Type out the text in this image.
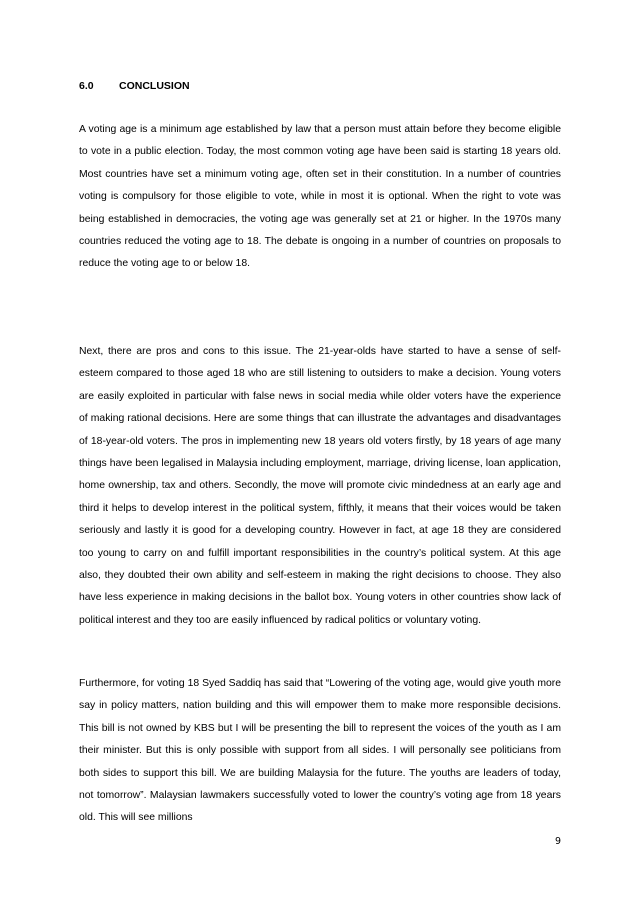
6.0 CONCLUSION

A voting age is a minimum age established by law that a person must attain before they become eligible to vote in a public election. Today, the most common voting age have been said is starting 18 years old. Most countries have set a minimum voting age, often set in their constitution. In a number of countries voting is compulsory for those eligible to vote, while in most it is optional. When the right to vote was being established in democracies, the voting age was generally set at 21 or higher. In the 1970s many countries reduced the voting age to 18. The debate is ongoing in a number of countries on proposals to reduce the voting age to or below 18.

Next, there are pros and cons to this issue. The 21-year-olds have started to have a sense of self-esteem compared to those aged 18 who are still listening to outsiders to make a decision. Young voters are easily exploited in particular with false news in social media while older voters have the experience of making rational decisions. Here are some things that can illustrate the advantages and disadvantages of 18-year-old voters. The pros in implementing new 18 years old voters firstly, by 18 years of age many things have been legalised in Malaysia including employment, marriage, driving license, loan application, home ownership, tax and others. Secondly, the move will promote civic mindedness at an early age and third it helps to develop interest in the political system, fifthly, it means that their voices would be taken seriously and lastly it is good for a developing country. However in fact, at age 18 they are considered too young to carry on and fulfill important responsibilities in the country’s political system. At this age also, they doubted their own ability and self-esteem in making the right decisions to choose. They also have less experience in making decisions in the ballot box. Young voters in other countries show lack of political interest and they too are easily influenced by radical politics or voluntary voting.

Furthermore, for voting 18 Syed Saddiq has said that “Lowering of the voting age, would give youth more say in policy matters, nation building and this will empower them to make more responsible decisions. This bill is not owned by KBS but I will be presenting the bill to represent the voices of the youth as I am their minister. But this is only possible with support from all sides. I will personally see politicians from both sides to support this bill. We are building Malaysia for the future. The youths are leaders of today, not tomorrow”. Malaysian lawmakers successfully voted to lower the country’s voting age from 18 years old. This will see millions

9
